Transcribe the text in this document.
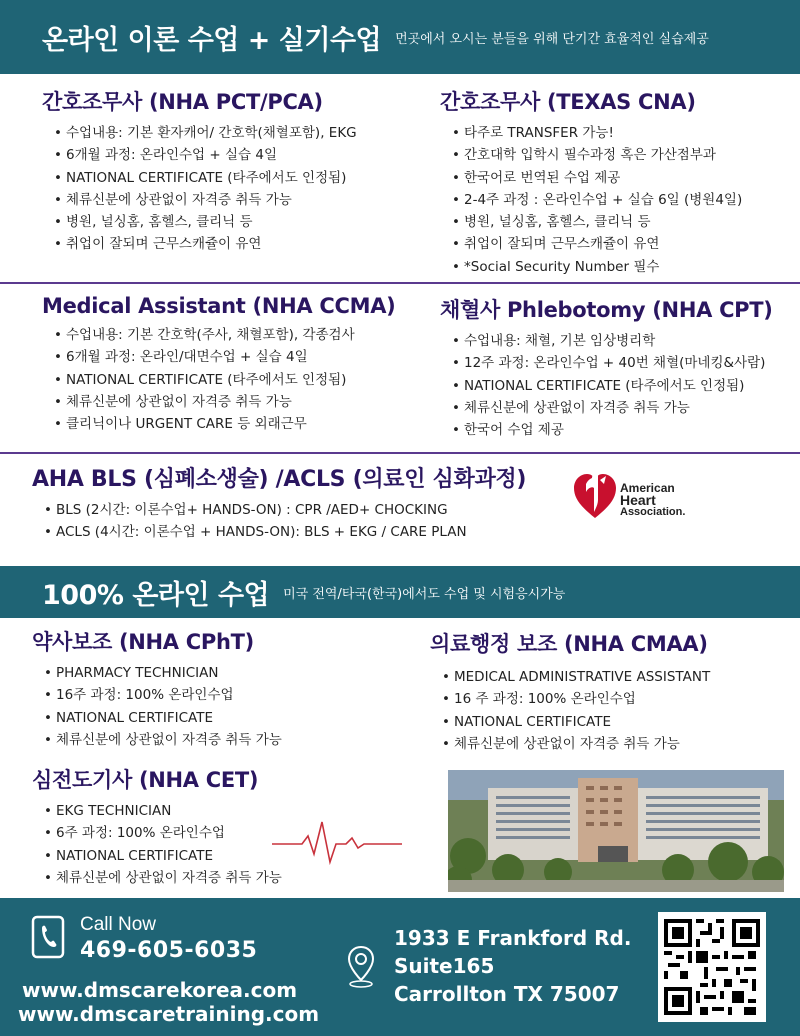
온라인 이론 수업 + 실기수업 먼곳에서 오시는 분들을 위해 단기간 효율적인 실습제공
간호조무사 (NHA PCT/PCA)
• 수업내용: 기본 환자캐어/ 간호학(채혈포함), EKG
• 6개월 과정: 온라인수업 + 실습 4일
• NATIONAL CERTIFICATE (타주에서도 인정됨)
• 체류신분에 상관없이 자격증 취득 가능
• 병원, 널싱홈, 홈헬스, 클리닉 등
• 취업이 잘되며 근무스캐쥴이 유연
간호조무사 (TEXAS CNA)
• 타주로 TRANSFER 가능!
• 간호대학 입학시 필수과정 혹은 가산점부과
• 한국어로 번역된 수업 제공
• 2-4주 과정 : 온라인수업 + 실습 6일 (병원4일)
• 병원, 널싱홈, 홈헬스, 클리닉 등
• 취업이 잘되며 근무스캐쥴이 유연
• *Social Security Number 필수
Medical Assistant (NHA CCMA)
• 수업내용: 기본 간호학(주사, 채혈포함), 각종검사
• 6개월 과정: 온라인/대면수업 + 실습 4일
• NATIONAL CERTIFICATE (타주에서도 인정됨)
• 체류신분에 상관없이 자격증 취득 가능
• 클리닉이나 URGENT CARE 등 외래근무
채혈사 Phlebotomy (NHA CPT)
• 수업내용: 채혈, 기본 임상병리학
• 12주 과정: 온라인수업 + 40번 채혈(마네킹&사람)
• NATIONAL CERTIFICATE (타주에서도 인정됨)
• 체류신분에 상관없이 자격증 취득 가능
• 한국어 수업 제공
AHA BLS (심폐소생술) /ACLS (의료인 심화과정)
• BLS (2시간: 이론수업+ HANDS-ON) : CPR /AED+ CHOCKING
• ACLS (4시간: 이론수업 + HANDS-ON): BLS + EKG / CARE PLAN
American
Heart
Association.
100% 온라인 수업 미국 전역/타국(한국)에서도 수업 및 시험응시가능
약사보조 (NHA CPhT)
• PHARMACY TECHNICIAN
• 16주 과정: 100% 온라인수업
• NATIONAL CERTIFICATE
• 체류신분에 상관없이 자격증 취득 가능
의료행정 보조 (NHA CMAA)
• MEDICAL ADMINISTRATIVE ASSISTANT
• 16 주 과정: 100% 온라인수업
• NATIONAL CERTIFICATE
• 체류신분에 상관없이 자격증 취득 가능
심전도기사 (NHA CET)
• EKG TECHNICIAN
• 6주 과정: 100% 온라인수업
• NATIONAL CERTIFICATE
• 체류신분에 상관없이 자격증 취득 가능
Call Now
469-605-6035
www.dmscarekorea.com
www.dmscaretraining.com
1933 E Frankford Rd.
Suite165
Carrollton TX 75007
